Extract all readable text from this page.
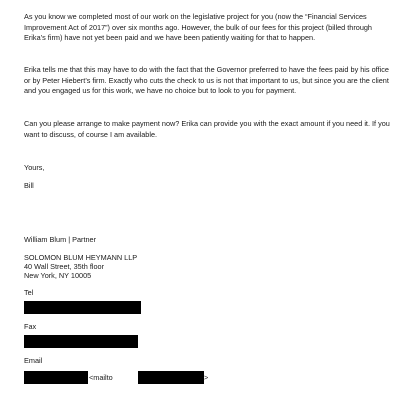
As you know we completed most of our work on the legislative project for you (now the “Financial Services Improvement Act of 2017”) over six months ago. However, the bulk of our fees for this project (billed through Erika’s firm) have not yet been paid and we have been patiently waiting for that to happen.

Erika tells me that this may have to do with the fact that the Governor preferred to have the fees paid by his office or by Peter Hiebert’s firm. Exactly who cuts the check to us is not that important to us, but since you are the client and you engaged us for this work, we have no choice but to look to you for payment.

Can you please arrange to make payment now? Erika can provide you with the exact amount if you need it. If you want to discuss, of course I am available.

Yours,

Bill

William Blum | Partner

SOLOMON BLUM HEYMANN LLP

40 Wall Street, 35th floor

New York, NY 10005

Tel

Fax

Email

<mailto	>
